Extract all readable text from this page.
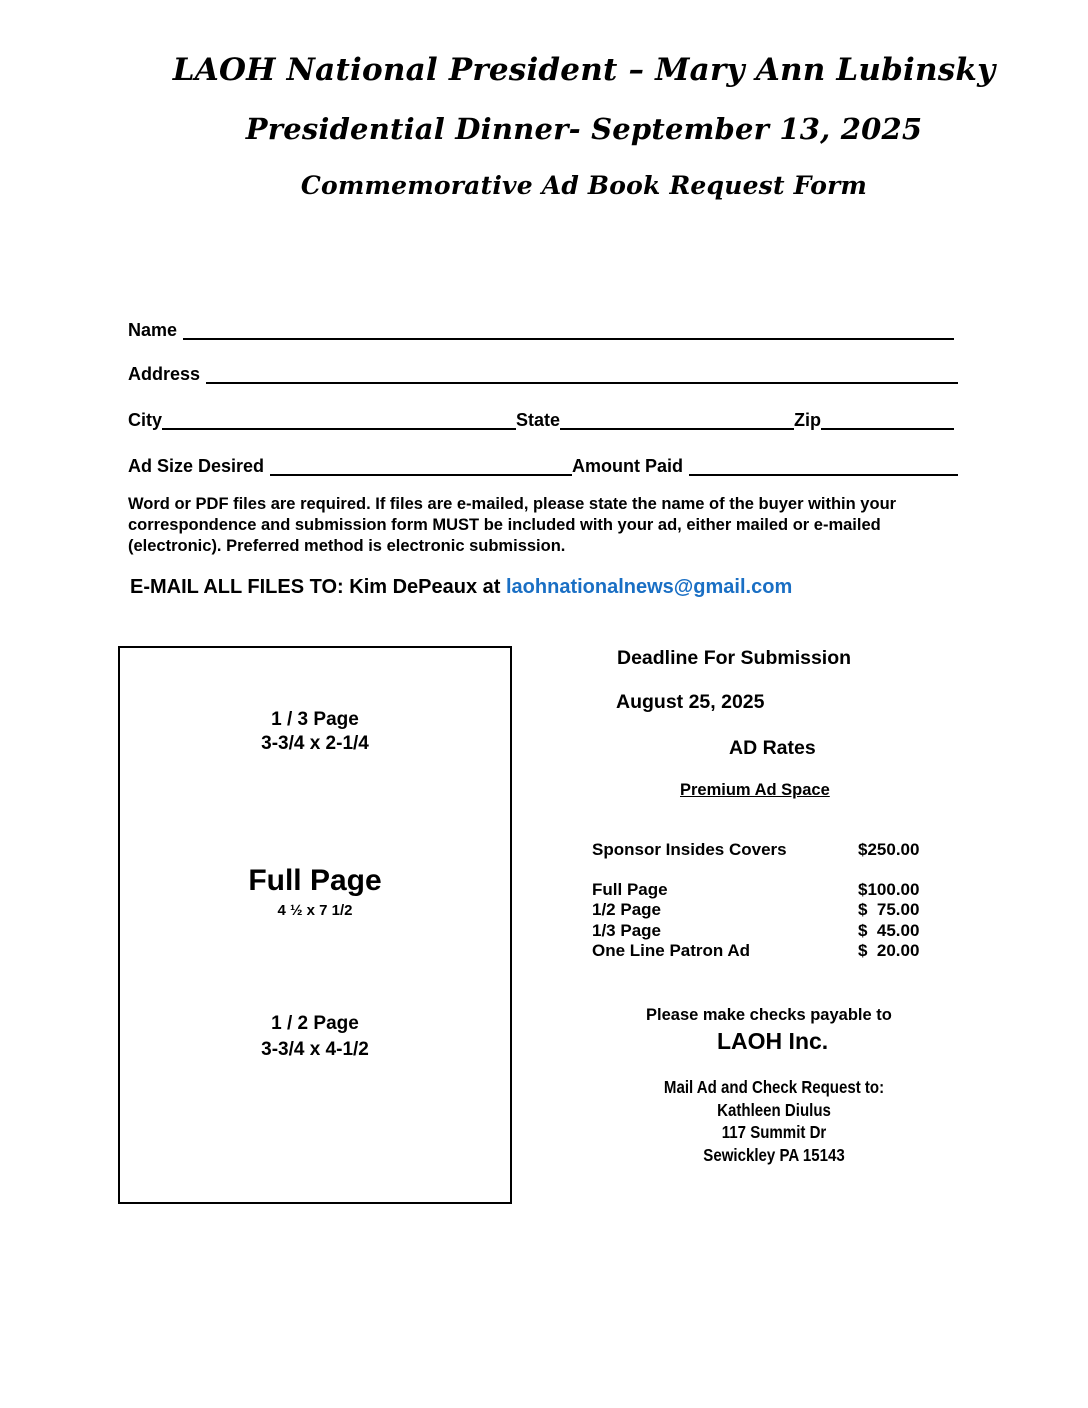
LAOH National President – Mary Ann Lubinsky
Presidential Dinner- September 13, 2025
Commemorative Ad Book Request Form
Name
Address
City	State	Zip
Ad Size Desired	Amount Paid
Word or PDF files are required. If files are e-mailed, please state the name of the buyer within your correspondence and submission form MUST be included with your ad, either mailed or e-mailed (electronic). Preferred method is electronic submission.
E-MAIL ALL FILES TO: Kim DePeaux at laohnationalnews@gmail.com
1 / 3 Page
3-3/4 x 2-1/4
Full Page
4 ½ x 7 1/2
1 / 2 Page
3-3/4 x 4-1/2
Deadline For Submission
August 25, 2025
AD Rates
Premium Ad Space
Sponsor Insides Covers	$250.00
Full Page	$100.00
1/2 Page	$  75.00
1/3 Page	$  45.00
One Line Patron Ad	$  20.00
Please make checks payable to
LAOH Inc.
Mail Ad and Check Request to:
Kathleen Diulus
117 Summit Dr
Sewickley PA 15143
